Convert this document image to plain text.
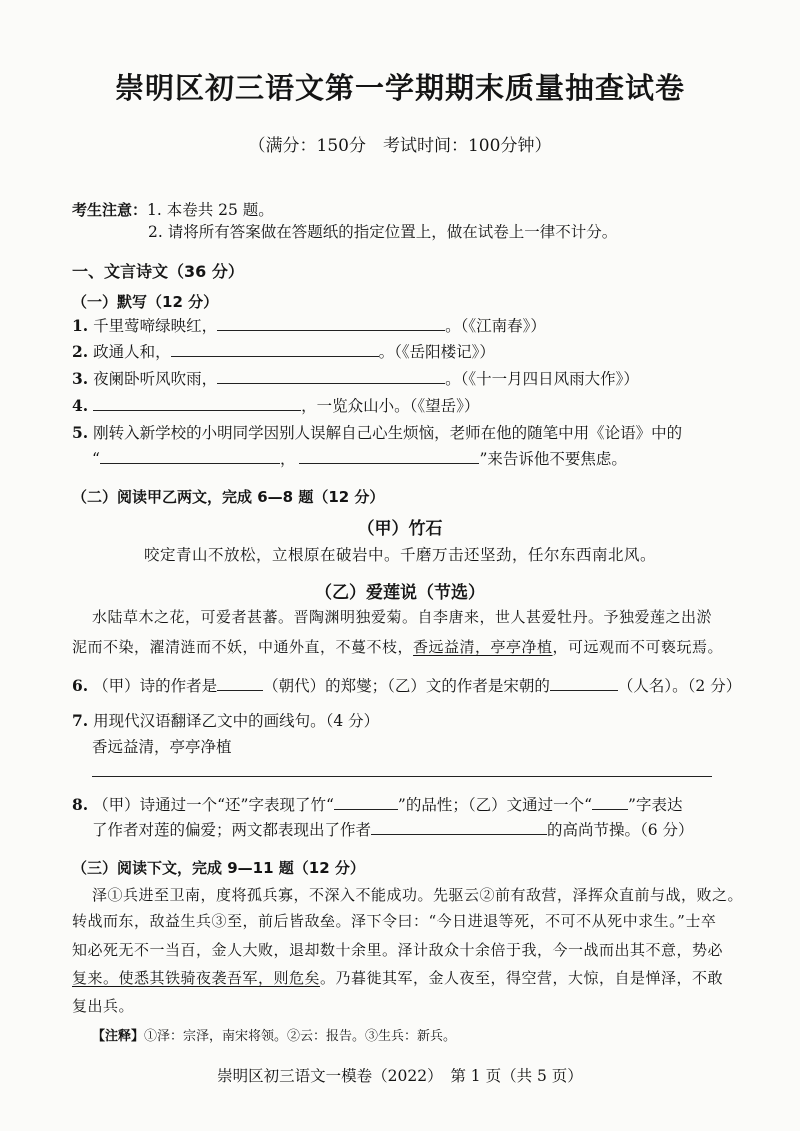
崇明区初三语文第一学期期末质量抽查试卷
（满分：150分　考试时间：100分钟）
考生注意：1. 本卷共 25 题。
2. 请将所有答案做在答题纸的指定位置上，做在试卷上一律不计分。
一、文言诗文（36 分）
（一）默写（12 分）
1. 千里莺啼绿映红，	。（《江南春》）
2. 政通人和，	。（《岳阳楼记》）
3. 夜阑卧听风吹雨，	。（《十一月四日风雨大作》）
4.	，一览众山小。（《望岳》）
5. 刚转入新学校的小明同学因别人误解自己心生烦恼，老师在他的随笔中用《论语》中的
“	，	”来告诉他不要焦虑。
（二）阅读甲乙两文，完成 6—8 题（12 分）
（甲）竹石
咬定青山不放松，立根原在破岩中。千磨万击还坚劲，任尔东西南北风。
（乙）爱莲说（节选）
水陆草木之花，可爱者甚蕃。晋陶渊明独爱菊。自李唐来，世人甚爱牡丹。予独爱莲之出淤
泥而不染，濯清涟而不妖，中通外直，不蔓不枝，香远益清，亭亭净植，可远观而不可亵玩焉。
6. （甲）诗的作者是	（朝代）的郑燮；（乙）文的作者是宋朝的	（人名）。（2 分）
7. 用现代汉语翻译乙文中的画线句。（4 分）
香远益清，亭亭净植
8. （甲）诗通过一个“还”字表现了竹“	”的品性；（乙）文通过一个“ ”字表达
了作者对莲的偏爱；两文都表现出了作者	的高尚节操。（6 分）
（三）阅读下文，完成 9—11 题（12 分）
泽①兵进至卫南，度将孤兵寡，不深入不能成功。先驱云②前有敌营，泽挥众直前与战，败之。
转战而东，敌益生兵③至，前后皆敌垒。泽下令曰：“今日进退等死，不可不从死中求生。”士卒
知必死无不一当百，金人大败，退却数十余里。泽计敌众十余倍于我，今一战而出其不意，势必
复来。使悉其铁骑夜袭吾军，则危矣。乃暮徙其军，金人夜至，得空营，大惊，自是惮泽，不敢
复出兵。
【注释】①泽：宗泽，南宋将领。②云：报告。③生兵：新兵。
崇明区初三语文一模卷（2022）　第 1 页（共 5 页）
